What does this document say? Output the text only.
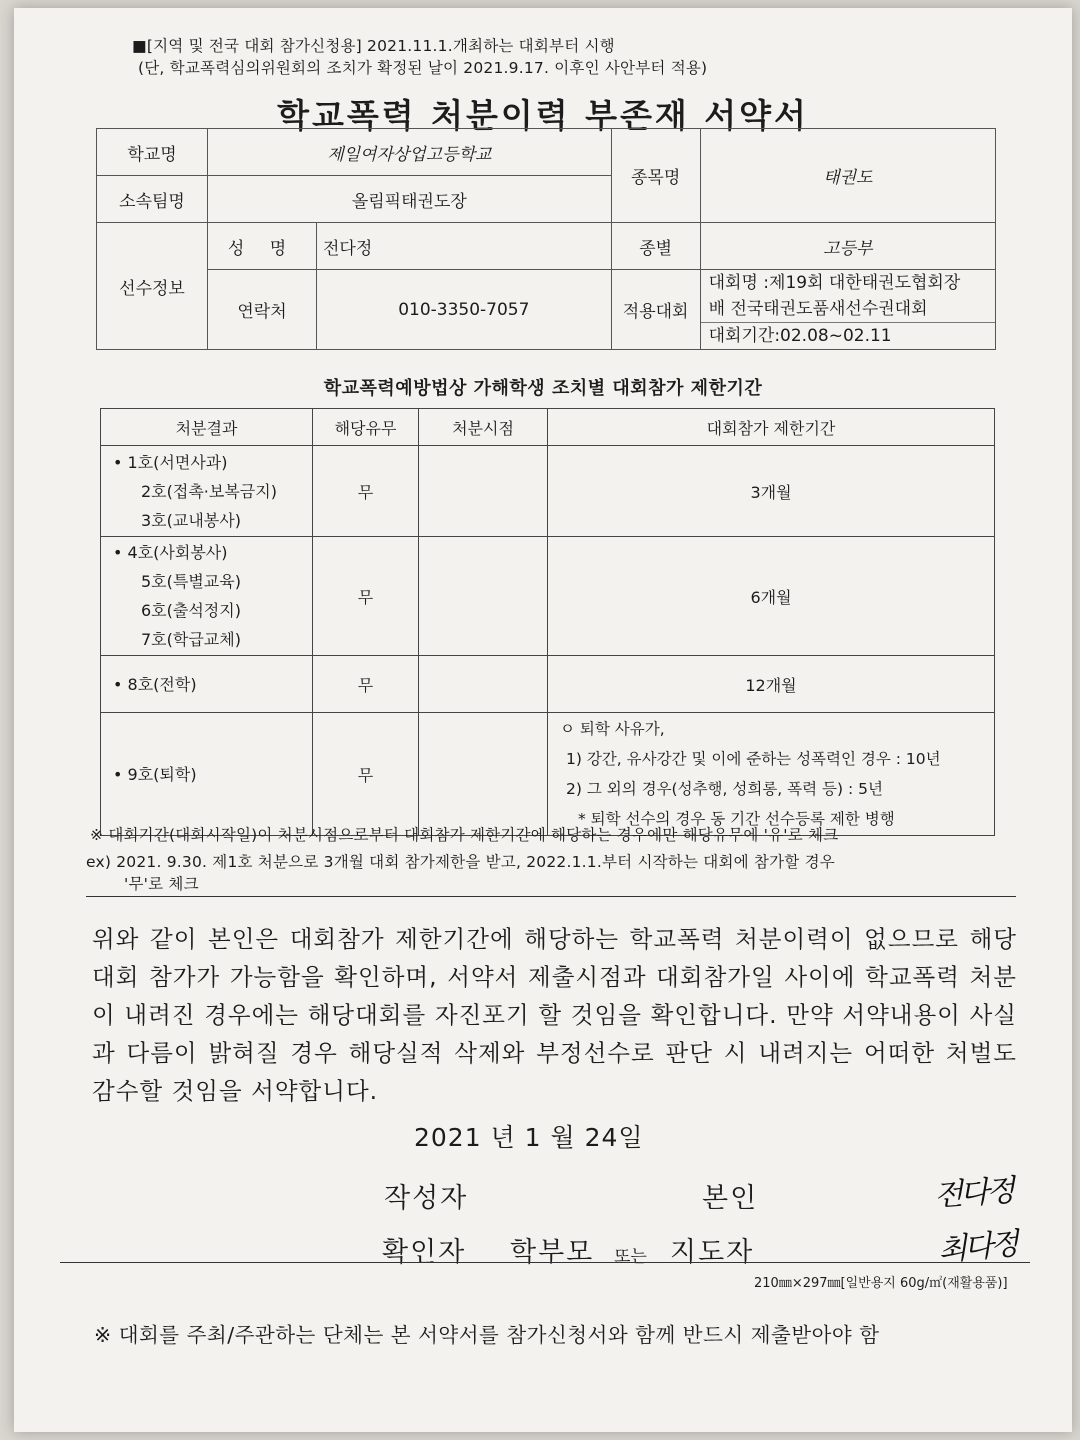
■[지역 및 전국 대회 참가신청용] 2021.11.1.개최하는 대회부터 시행
(단, 학교폭력심의위원회의 조치가 확정된 날이 2021.9.17. 이후인 사안부터 적용)
학교폭력 처분이력 부존재 서약서
학교명	제일여자상업고등학교		종목명	태권도
소속팀명	올림픽태권도장			
선수정보	성 명	전다정	종별	고등부
	연락처	010-3350-7057	적용대회	대회명 :제19회 대한태권도협회장
배 전국태권도품새선수권대회
대회기간:02.08~02.11
학교폭력예방법상 가해학생 조치별 대회참가 제한기간
처분결과	해당유무	처분시점	대회참가 제한기간

• 1호(서면사과)
2호(접촉·보복금지)
3호(교내봉사)	무		3개월

• 4호(사회봉사)
5호(특별교육)
6호(출석정지)
7호(학급교체)	무		6개월

• 8호(전학)	무		12개월

• 9호(퇴학)	무		ㅇ 퇴학 사유가,
1) 강간, 유사강간 및 이에 준하는 성폭력인 경우 : 10년
2) 그 외의 경우(성추행, 성희롱, 폭력 등) : 5년
* 퇴학 선수의 경우 동 기간 선수등록 제한 병행
※ 대회기간(대회시작일)이 처분시점으로부터 대회참가 제한기간에 해당하는 경우에만 해당유무에 '유'로 체크
ex) 2021. 9.30. 제1호 처분으로 3개월 대회 참가제한을 받고, 2022.1.1.부터 시작하는 대회에 참가할 경우
'무'로 체크
위와 같이 본인은 대회참가 제한기간에 해당하는 학교폭력 처분이력이 없으므로 해당 대회 참가가 가능함을 확인하며, 서약서 제출시점과 대회참가일 사이에 학교폭력 처분이 내려진 경우에는 해당대회를 자진포기 할 것임을 확인합니다. 만약 서약내용이 사실과 다름이 밝혀질 경우 해당실적 삭제와 부정선수로 판단 시 내려지는 어떠한 처벌도 감수할 것임을 서약합니다.
2021 년 1 월 24일
작성자	본인	전다정
확인자 학부모 또는 지도자	최다정
210㎜×297㎜[일반용지 60g/㎡(재활용품)]
※ 대회를 주최/주관하는 단체는 본 서약서를 참가신청서와 함께 반드시 제출받아야 함
